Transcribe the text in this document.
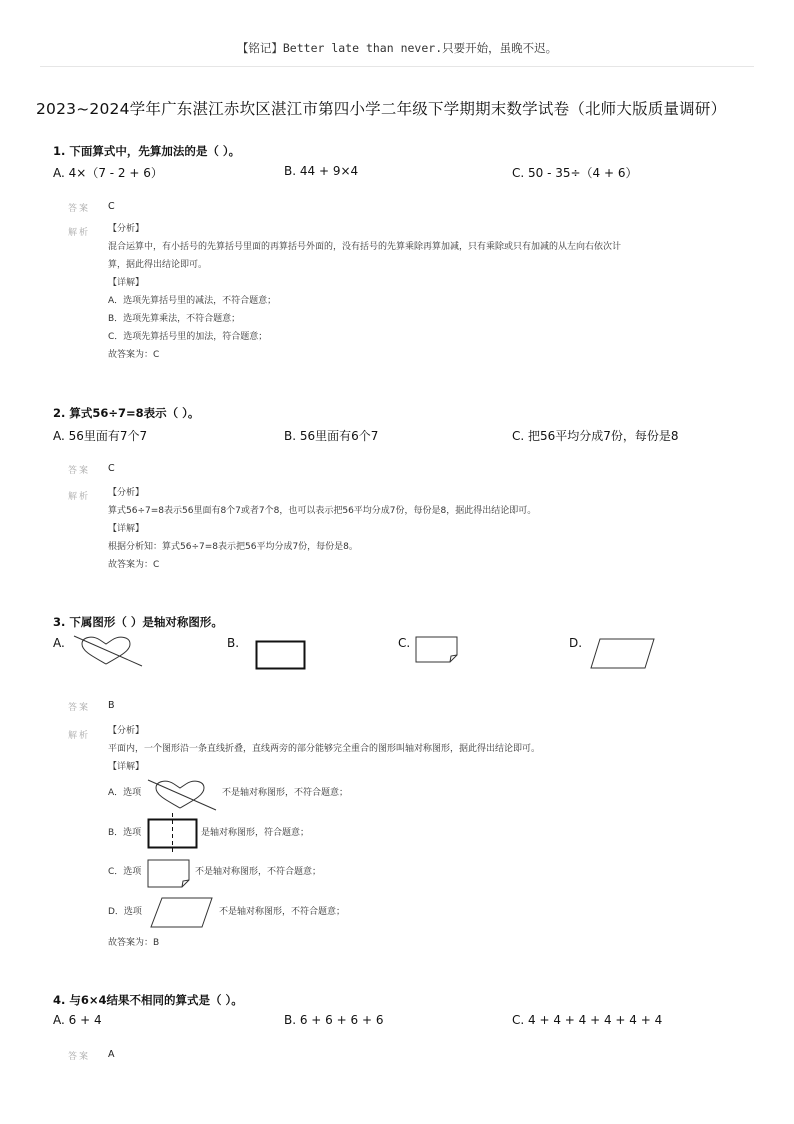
【铭记】Better late than never.只要开始，虽晚不迟。
2023~2024学年广东湛江赤坎区湛江市第四小学二年级下学期期末数学试卷（北师大版质量调研）
1. 下面算式中，先算加法的是（ ）。
A. 4×（7 - 2 + 6）	B. 44 + 9×4	C. 50 - 35÷（4 + 6）
答案 C
解析 【分析】
混合运算中，有小括号的先算括号里面的再算括号外面的，没有括号的先算乘除再算加减，只有乘除或只有加减的从左向右依次计
算，据此得出结论即可。
【详解】
A．选项先算括号里的减法，不符合题意；
B．选项先算乘法，不符合题意；
C．选项先算括号里的加法，符合题意；
故答案为：C
2. 算式56÷7=8表示（ ）。
A. 56里面有7个7	B. 56里面有6个7	C. 把56平均分成7份，每份是8
答案 C
解析 【分析】
算式56÷7=8表示56里面有8个7或者7个8，也可以表示把56平均分成7份，每份是8，据此得出结论即可。
【详解】
根据分析知：算式56÷7=8表示把56平均分成7份，每份是8。
故答案为：C
3. 下属图形（ ）是轴对称图形。
A.	B.	C.	D.
答案 B
解析 【分析】
平面内，一个图形沿一条直线折叠，直线两旁的部分能够完全重合的图形叫轴对称图形，据此得出结论即可。
【详解】
A．选项	不是轴对称图形，不符合题意；
B．选项	是轴对称图形，符合题意；
C．选项	不是轴对称图形，不符合题意；
D．选项	不是轴对称图形，不符合题意；
故答案为：B
4. 与6×4结果不相同的算式是（ ）。
A. 6 + 4	B. 6 + 6 + 6 + 6	C. 4 + 4 + 4 + 4 + 4 + 4
答案 A
